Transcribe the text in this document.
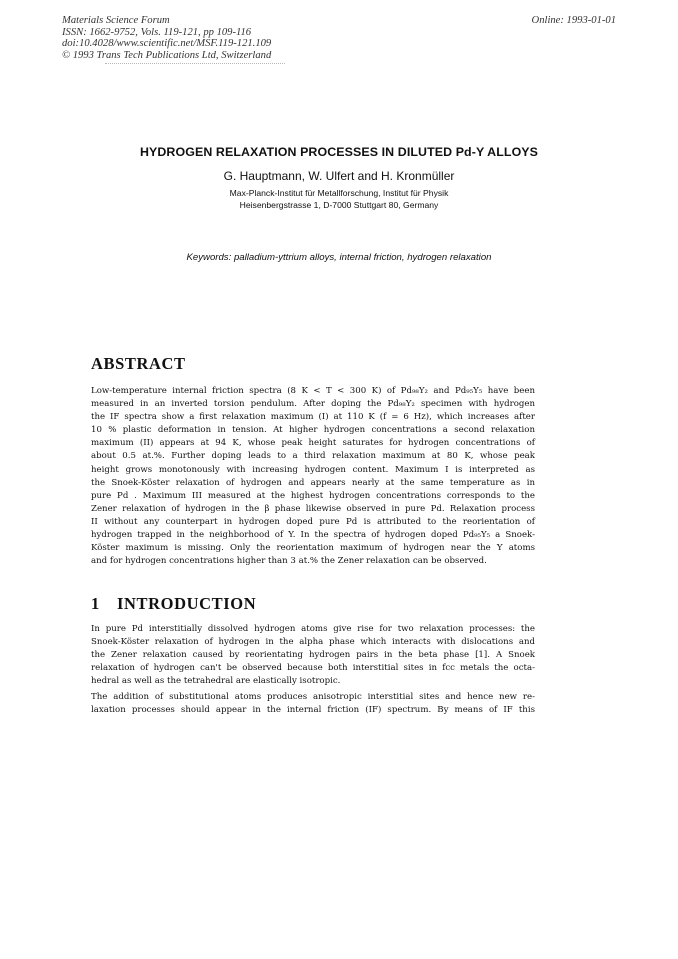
Materials Science Forum
ISSN: 1662-9752, Vols. 119-121, pp 109-116
doi:10.4028/www.scientific.net/MSF.119-121.109
© 1993 Trans Tech Publications Ltd, Switzerland
Online: 1993-01-01
HYDROGEN RELAXATION PROCESSES IN DILUTED Pd-Y ALLOYS
G. Hauptmann, W. Ulfert and H. Kronmüller
Max-Planck-Institut für Metallforschung, Institut für Physik
Heisenbergstrasse 1, D-7000 Stuttgart 80, Germany
Keywords: palladium-yttrium alloys, internal friction, hydrogen relaxation
ABSTRACT
Low-temperature internal friction spectra (8 K < T < 300 K) of Pd₉₈Y₂ and Pd₉₅Y₅ have been
measured in an inverted torsion pendulum. After doping the Pd₉₈Y₂ specimen with hydrogen
the IF spectra show a first relaxation maximum (I) at 110 K (f = 6 Hz), which increases after
10 % plastic deformation in tension. At higher hydrogen concentrations a second relaxation
maximum (II) appears at 94 K, whose peak height saturates for hydrogen concentrations of
about 0.5 at.%. Further doping leads to a third relaxation maximum at 80 K, whose peak
height grows monotonously with increasing hydrogen content. Maximum I is interpreted as
the Snoek-Köster relaxation of hydrogen and appears nearly at the same temperature as in
pure Pd . Maximum III measured at the highest hydrogen concentrations corresponds to the
Zener relaxation of hydrogen in the β phase likewise observed in pure Pd. Relaxation process
II without any counterpart in hydrogen doped pure Pd is attributed to the reorientation of
hydrogen trapped in the neighborhood of Y. In the spectra of hydrogen doped Pd₉₅Y₅ a Snoek-
Köster maximum is missing. Only the reorientation maximum of hydrogen near the Y atoms
and for hydrogen concentrations higher than 3 at.% the Zener relaxation can be observed.
1 INTRODUCTION
In pure Pd interstitially dissolved hydrogen atoms give rise for two relaxation processes: the
Snoek-Köster relaxation of hydrogen in the alpha phase which interacts with dislocations and
the Zener relaxation caused by reorientating hydrogen pairs in the beta phase [1]. A Snoek
relaxation of hydrogen can't be observed because both interstitial sites in fcc metals the octa-
hedral as well as the tetrahedral are elastically isotropic.
The addition of substitutional atoms produces anisotropic interstitial sites and hence new re-
laxation processes should appear in the internal friction (IF) spectrum. By means of IF this
